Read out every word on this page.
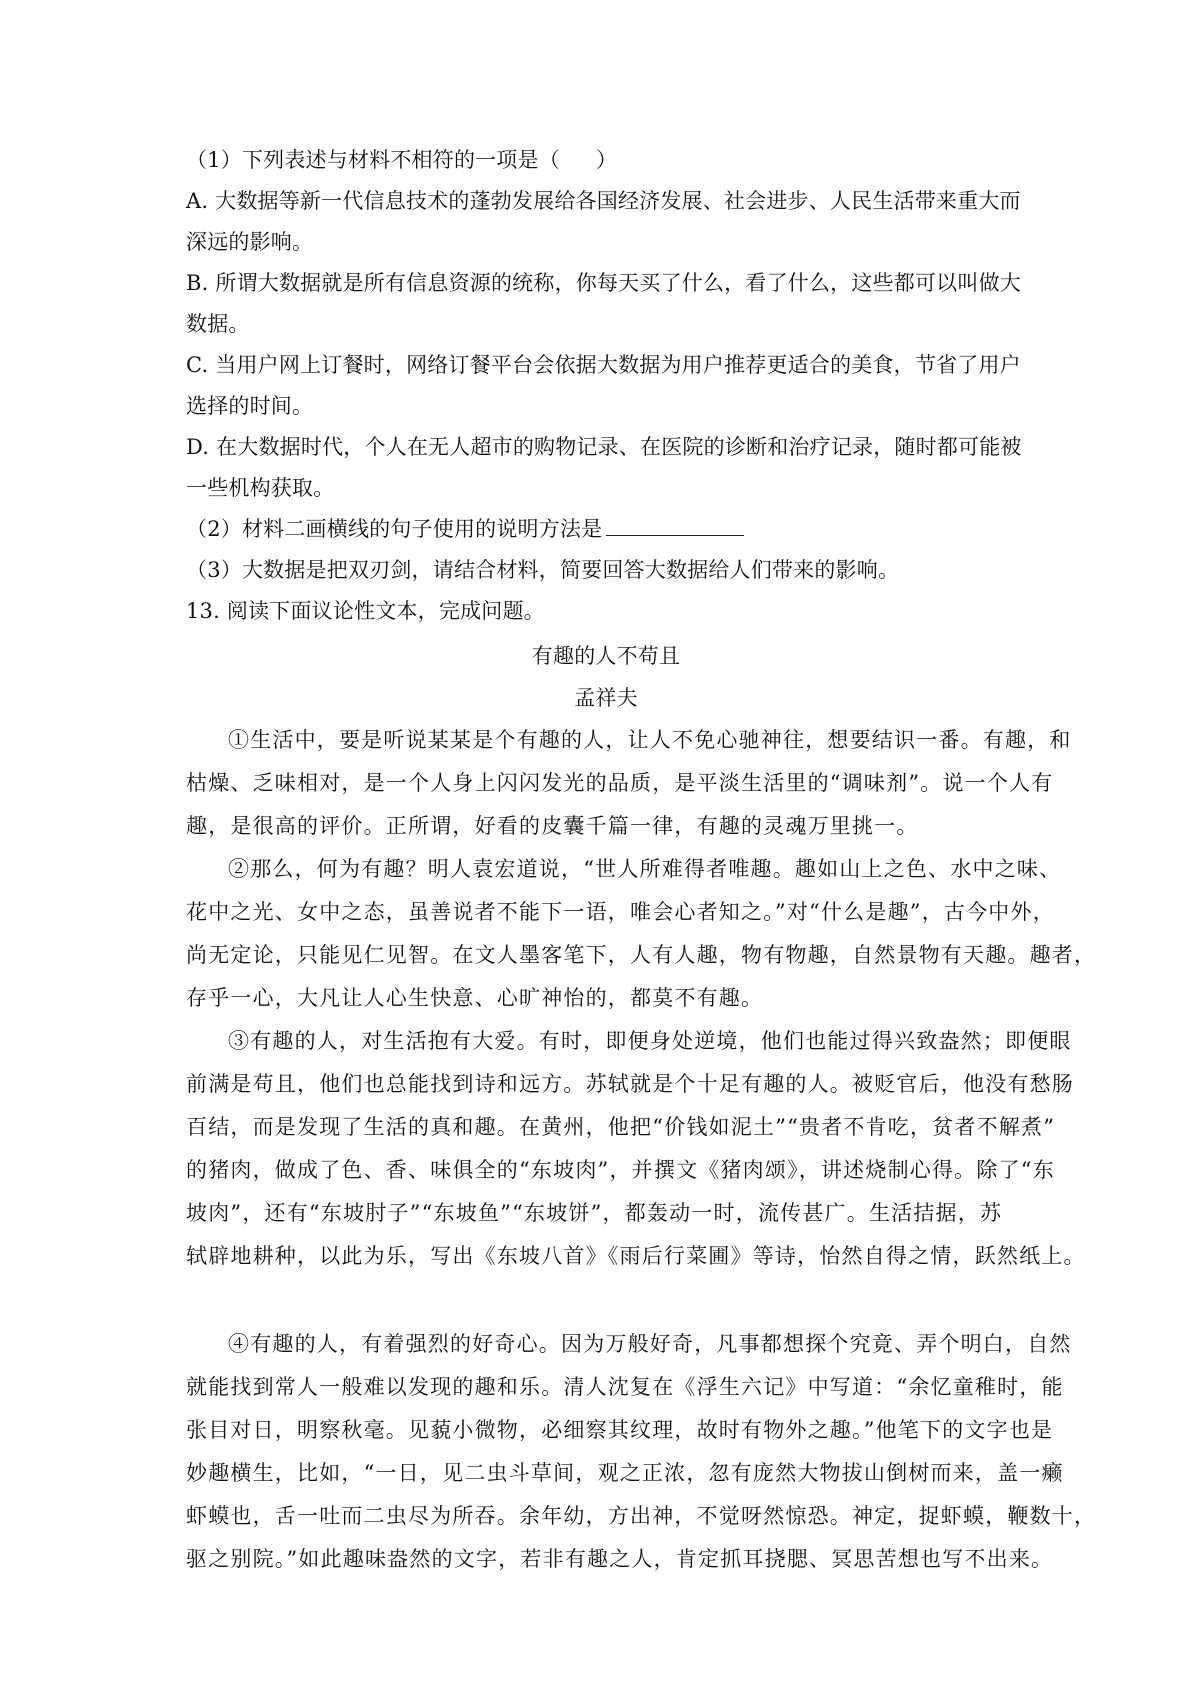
（1）下列表述与材料不相符的一项是（ ）
A. 大数据等新一代信息技术的蓬勃发展给各国经济发展、社会进步、人民生活带来重大而
深远的影响。
B. 所谓大数据就是所有信息资源的统称，你每天买了什么，看了什么，这些都可以叫做大
数据。
C. 当用户网上订餐时，网络订餐平台会依据大数据为用户推荐更适合的美食，节省了用户
选择的时间。
D. 在大数据时代，个人在无人超市的购物记录、在医院的诊断和治疗记录，随时都可能被
一些机构获取。
（2）材料二画横线的句子使用的说明方法是
（3）大数据是把双刃剑，请结合材料，简要回答大数据给人们带来的影响。
13. 阅读下面议论性文本，完成问题。
有趣的人不苟且
孟祥夫
①生活中，要是听说某某是个有趣的人，让人不免心驰神往，想要结识一番。有趣，和
枯燥、乏味相对，是一个人身上闪闪发光的品质，是平淡生活里的“调味剂”。说一个人有
趣，是很高的评价。正所谓，好看的皮囊千篇一律，有趣的灵魂万里挑一。
②那么，何为有趣？明人袁宏道说，“世人所难得者唯趣。趣如山上之色、水中之味、
花中之光、女中之态，虽善说者不能下一语，唯会心者知之。”对“什么是趣”，古今中外，
尚无定论，只能见仁见智。在文人墨客笔下，人有人趣，物有物趣，自然景物有天趣。趣者，
存乎一心，大凡让人心生快意、心旷神怡的，都莫不有趣。
③有趣的人，对生活抱有大爱。有时，即便身处逆境，他们也能过得兴致盎然；即便眼
前满是苟且，他们也总能找到诗和远方。苏轼就是个十足有趣的人。被贬官后，他没有愁肠
百结，而是发现了生活的真和趣。在黄州，他把“价钱如泥土”“贵者不肯吃，贫者不解煮”
的猪肉，做成了色、香、味俱全的“东坡肉”，并撰文《猪肉颂》，讲述烧制心得。除了“东
坡肉”，还有“东坡肘子”“东坡鱼”“东坡饼”，都轰动一时，流传甚广。生活拮据，苏
轼辟地耕种，以此为乐，写出《东坡八首》《雨后行菜圃》等诗，怡然自得之情，跃然纸上。
④有趣的人，有着强烈的好奇心。因为万般好奇，凡事都想探个究竟、弄个明白，自然
就能找到常人一般难以发现的趣和乐。清人沈复在《浮生六记》中写道：“余忆童稚时，能
张目对日，明察秋毫。见藐小微物，必细察其纹理，故时有物外之趣。”他笔下的文字也是
妙趣横生，比如，“一日，见二虫斗草间，观之正浓，忽有庞然大物拔山倒树而来，盖一癞
虾蟆也，舌一吐而二虫尽为所吞。余年幼，方出神，不觉呀然惊恐。神定，捉虾蟆，鞭数十，
驱之别院。”如此趣味盎然的文字，若非有趣之人，肯定抓耳挠腮、冥思苦想也写不出来。
